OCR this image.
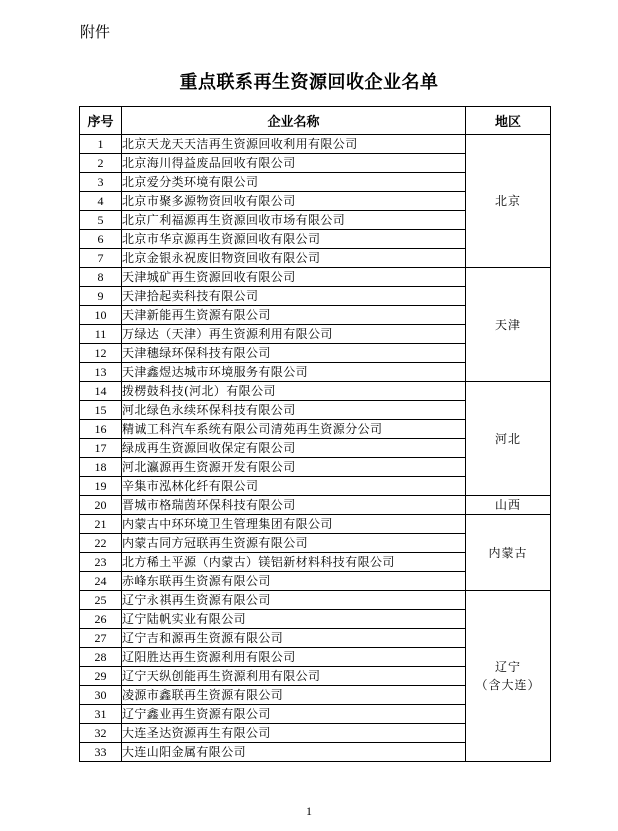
附件
重点联系再生资源回收企业名单
序号	企业名称	地区
1	北京天龙天天洁再生资源回收利用有限公司	北京

2	北京海川得益废品回收有限公司	
3	北京爱分类环境有限公司	
4	北京市聚多源物资回收有限公司	
5	北京广利福源再生资源回收市场有限公司	
6	北京市华京源再生资源回收有限公司	
7	北京金银永祝废旧物资回收有限公司	
8	天津城矿再生资源回收有限公司	天津

9	天津拾起卖科技有限公司	
10	天津新能再生资源有限公司	
11	万绿达（天津）再生资源利用有限公司	
12	天津穗绿环保科技有限公司	
13	天津鑫煜达城市环境服务有限公司	
14	拨楞鼓科技(河北）有限公司	河北

15	河北绿色永续环保科技有限公司	
16	精诚工科汽车系统有限公司清苑再生资源分公司	
17	绿成再生资源回收保定有限公司	
18	河北瀛源再生资源开发有限公司	
19	辛集市泓林化纤有限公司	
20	晋城市格瑞茵环保科技有限公司	山西

21	内蒙古中环环境卫生管理集团有限公司	内蒙古

22	内蒙古同方冠联再生资源有限公司	
23	北方稀土平源（内蒙古）镁铝新材料科技有限公司	
24	赤峰东联再生资源有限公司	
25	辽宁永祺再生资源有限公司	辽宁
（含大连）

26	辽宁陆帆实业有限公司	
27	辽宁吉和源再生资源有限公司	
28	辽阳胜达再生资源利用有限公司	
29	辽宁天纵创能再生资源利用有限公司	
30	凌源市鑫联再生资源有限公司	
31	辽宁鑫业再生资源有限公司	
32	大连圣达资源再生有限公司	
33	大连山阳金属有限公司	
1
